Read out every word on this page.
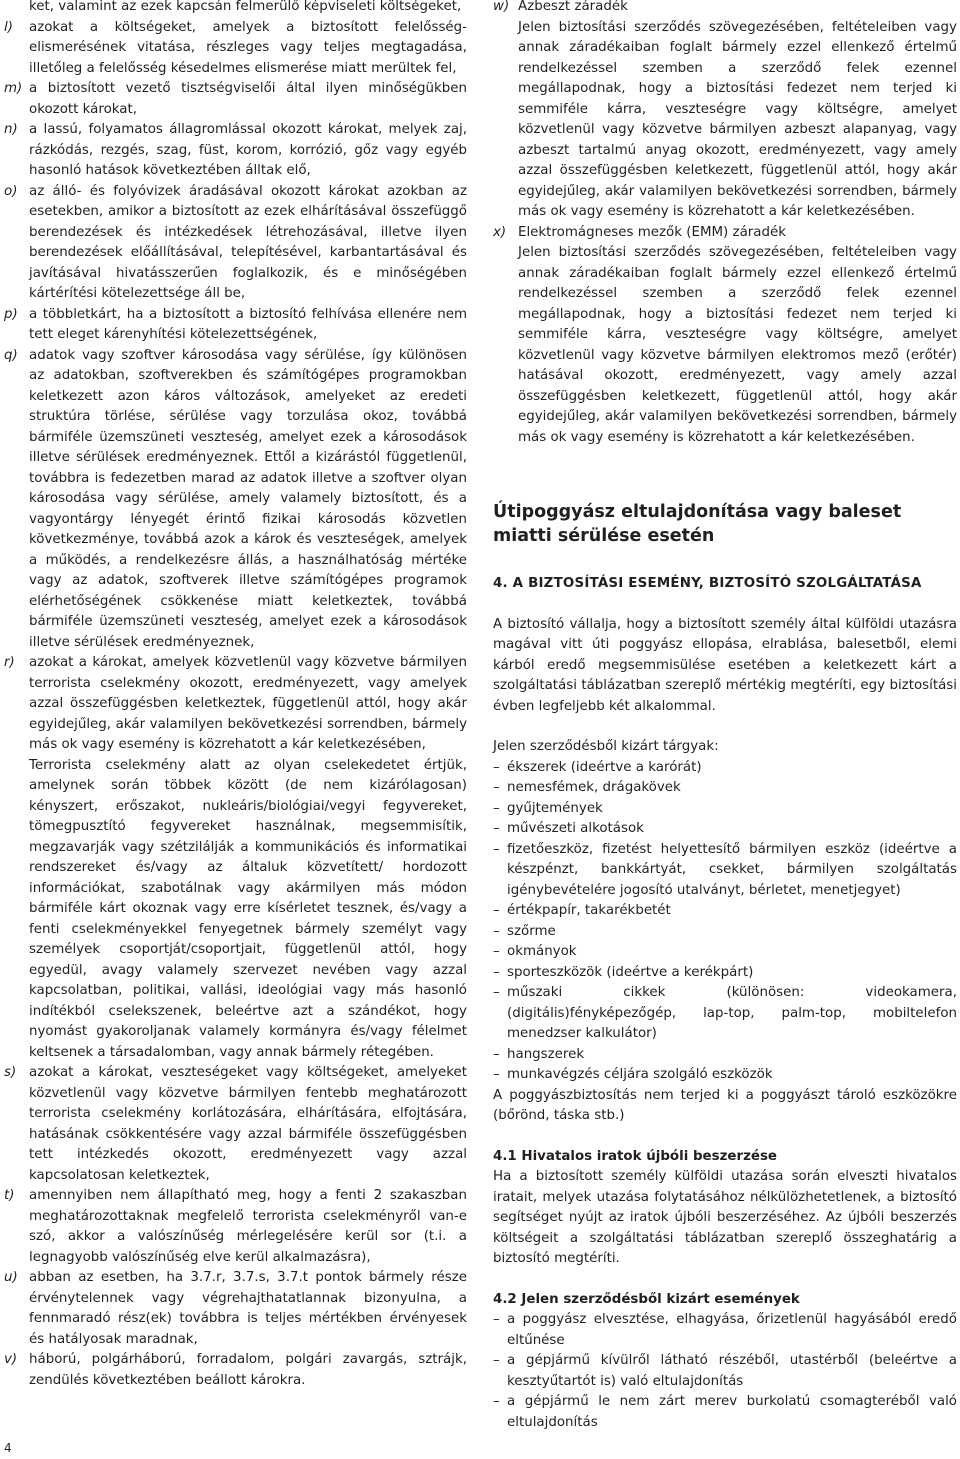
ket, valamint az ezek kapcsán felmerülő képviseleti költségeket,

l)	azokat a költségeket, amelyek a biztosított felelősség-elismerésének vitatása, részleges vagy teljes megtagadása, illetőleg a felelősség késedelmes elismerése miatt merültek fel,
m) a biztosított vezető tisztségviselői által ilyen minőségükben okozott károkat,
n) a lassú, folyamatos állagromlással okozott károkat, melyek zaj, rázkódás, rezgés, szag, füst, korom, korrózió, gőz vagy egyéb hasonló hatások következtében álltak elő,
o) az álló- és folyóvizek áradásával okozott károkat azokban az esetekben, amikor a biztosított az ezek elhárításával összefüggő berendezések és intézkedések létrehozásával, illetve ilyen berendezések előállításával, telepítésével, karbantartásával és javításával hivatásszerűen foglalkozik, és e minőségében kártérítési kötelezettsége áll be,
p) a többletkárt, ha a biztosított a biztosító felhívása ellenére nem tett eleget kárenyhítési kötelezettségének,
q) adatok vagy szoftver károsodása vagy sérülése, így különösen az adatokban, szoftverekben és számítógépes programokban keletkezett azon káros változások, amelyeket az eredeti struktúra törlése, sérülése vagy torzulása okoz, továbbá bármiféle üzemszüneti veszteség, amelyet ezek a károsodások illetve sérülések eredményeznek. Ettől a kizárástól függetlenül, továbbra is fedezetben marad az adatok illetve a szoftver olyan károsodása vagy sérülése, amely valamely biztosított, és a vagyontárgy lényegét érintő fizikai károsodás közvetlen következménye, továbbá azok a károk és veszteségek, amelyek a működés, a rendelkezésre állás, a használhatóság mértéke vagy az adatok, szoftverek illetve számítógépes programok elérhetőségének csökkenése miatt keletkeztek, továbbá bármiféle üzemszüneti veszteség, amelyet ezek a károsodások illetve sérülések eredményeznek,
r)	azokat a károkat, amelyek közvetlenül vagy közvetve bármilyen terrorista cselekmény okozott, eredményezett, vagy amelyek azzal összefüggésben keletkeztek, függetlenül attól, hogy akár egyidejűleg, akár valamilyen bekövetkezési sorrendben, bármely más ok vagy esemény is közrehatott a kár keletkezésében,
Terrorista cselekmény alatt az olyan cselekedetet értjük, amelynek során többek között (de nem kizárólagosan) kényszert, erőszakot, nukleáris/biológiai/vegyi fegyvereket, tömegpusztító fegyvereket használnak, megsemmisítik, megzavarják vagy szétzilálják a kommunikációs és informatikai rendszereket és/vagy az általuk közvetített/ hordozott információkat, szabotálnak vagy akármilyen más módon bármiféle kárt okoznak vagy erre kísérletet tesznek, és/vagy a fenti cselekményekkel fenyegetnek bármely személyt vagy személyek csoportját/csoportjait, függetlenül attól, hogy egyedül, avagy valamely szervezet nevében vagy azzal kapcsolatban, politikai, vallási, ideológiai vagy más hasonló indítékból cselekszenek, beleértve azt a szándékot, hogy nyomást gyakoroljanak valamely kormányra és/vagy félelmet keltsenek a társadalomban, vagy annak bármely rétegében.
s) azokat a károkat, veszteségeket vagy költségeket, amelyeket közvetlenül vagy közvetve bármilyen fentebb meghatározott terrorista cselekmény korlátozására, elhárítására, elfojtására, hatásának csökkentésére vagy azzal bármiféle összefüggésben tett intézkedés okozott, eredményezett vagy azzal kapcsolatosan keletkeztek,
t)	amennyiben nem állapítható meg, hogy a fenti 2 szakaszban meghatározottaknak megfelelő terrorista cselekményről van-e szó, akkor a valószínűség mérlegelésére kerül sor (t.i. a legnagyobb valószínűség elve kerül alkalmazásra),
u) abban az esetben, ha 3.7.r, 3.7.s, 3.7.t pontok bármely része érvénytelennek vagy végrehajthatatlannak bizonyulna, a fennmaradó rész(ek) továbbra is teljes mértékben érvényesek és hatályosak maradnak,
v) háború, polgárháború, forradalom, polgári zavargás, sztrájk, zendülés következtében beállott károkra.
w) Azbeszt záradék
Jelen biztosítási szerződés szövegezésében, feltételeiben vagy annak záradékaiban foglalt bármely ezzel ellenkező értelmű rendelkezéssel szemben a szerződő felek ezennel megállapodnak, hogy a biztosítási fedezet nem terjed ki semmiféle kárra, veszteségre vagy költségre, amelyet közvetlenül vagy közvetve bármilyen azbeszt alapanyag, vagy azbeszt tartalmú anyag okozott, eredményezett, vagy amely azzal összefüggésben keletkezett, függetlenül attól, hogy akár egyidejűleg, akár valamilyen bekövetkezési sorrendben, bármely más ok vagy esemény is közrehatott a kár keletkezésében.
x) Elektromágneses mezők (EMM) záradék
Jelen biztosítási szerződés szövegezésében, feltételeiben vagy annak záradékaiban foglalt bármely ezzel ellenkező értelmű rendelkezéssel szemben a szerződő felek ezennel megállapodnak, hogy a biztosítási fedezet nem terjed ki semmiféle kárra, veszteségre vagy költségre, amelyet közvetlenül vagy közvetve bármilyen elektromos mező (erőtér) hatásával okozott, eredményezett, vagy amely azzal összefüggésben keletkezett, függetlenül attól, hogy akár egyidejűleg, akár valamilyen bekövetkezési sorrendben, bármely más ok vagy esemény is közrehatott a kár keletkezésében.
Útipoggyász eltulajdonítása vagy baleset miatti sérülése esetén
4. A BIZTOSÍTÁSI ESEMÉNY, BIZTOSÍTÓ SZOLGÁLTATÁSA

A biztosító vállalja, hogy a biztosított személy által külföldi utazásra magával vitt úti poggyász ellopása, elrablása, balesetből, elemi kárból eredő megsemmisülése esetében a keletkezett kárt a szolgáltatási táblázatban szereplő mértékig megtéríti, egy biztosítási évben legfeljebb két alkalommal.

Jelen szerződésből kizárt tárgyak:

– ékszerek (ideértve a karórát)
– nemesfémek, drágakövek
– gyűjtemények
– művészeti alkotások
– fizetőeszköz, fizetést helyettesítő bármilyen eszköz (ideértve a készpénzt, bankkártyát, csekket, bármilyen szolgáltatás igénybevételére jogosító utalványt, bérletet, menetjegyet)
– értékpapír, takarékbetét
– szőrme
– okmányok
– sporteszközök (ideértve a kerékpárt)
– műszaki cikkek (különösen: videokamera, (digitális)fényképezőgép, lap-top, palm-top, mobiltelefon menedzser kalkulátor)
– hangszerek
– munkavégzés céljára szolgáló eszközök

A poggyászbiztosítás nem terjed ki a poggyászt tároló eszközökre (bőrönd, táska stb.)

4.1 Hivatalos iratok újbóli beszerzése

Ha a biztosított személy külföldi utazása során elveszti hivatalos iratait, melyek utazása folytatásához nélkülözhetetlenek, a biztosító segítséget nyújt az iratok újbóli beszerzéséhez. Az újbóli beszerzés költségeit a szolgáltatási táblázatban szereplő összeghatárig a biztosító megtéríti.

4.2 Jelen szerződésből kizárt események
– a poggyász elvesztése, elhagyása, őrizetlenül hagyásából eredő eltűnése
– a gépjármű kívülről látható részéből, utastérből (beleértve a kesztyűtartót is) való eltulajdonítás
– a gépjármű le nem zárt merev burkolatú csomagteréből való eltulajdonítás
4
